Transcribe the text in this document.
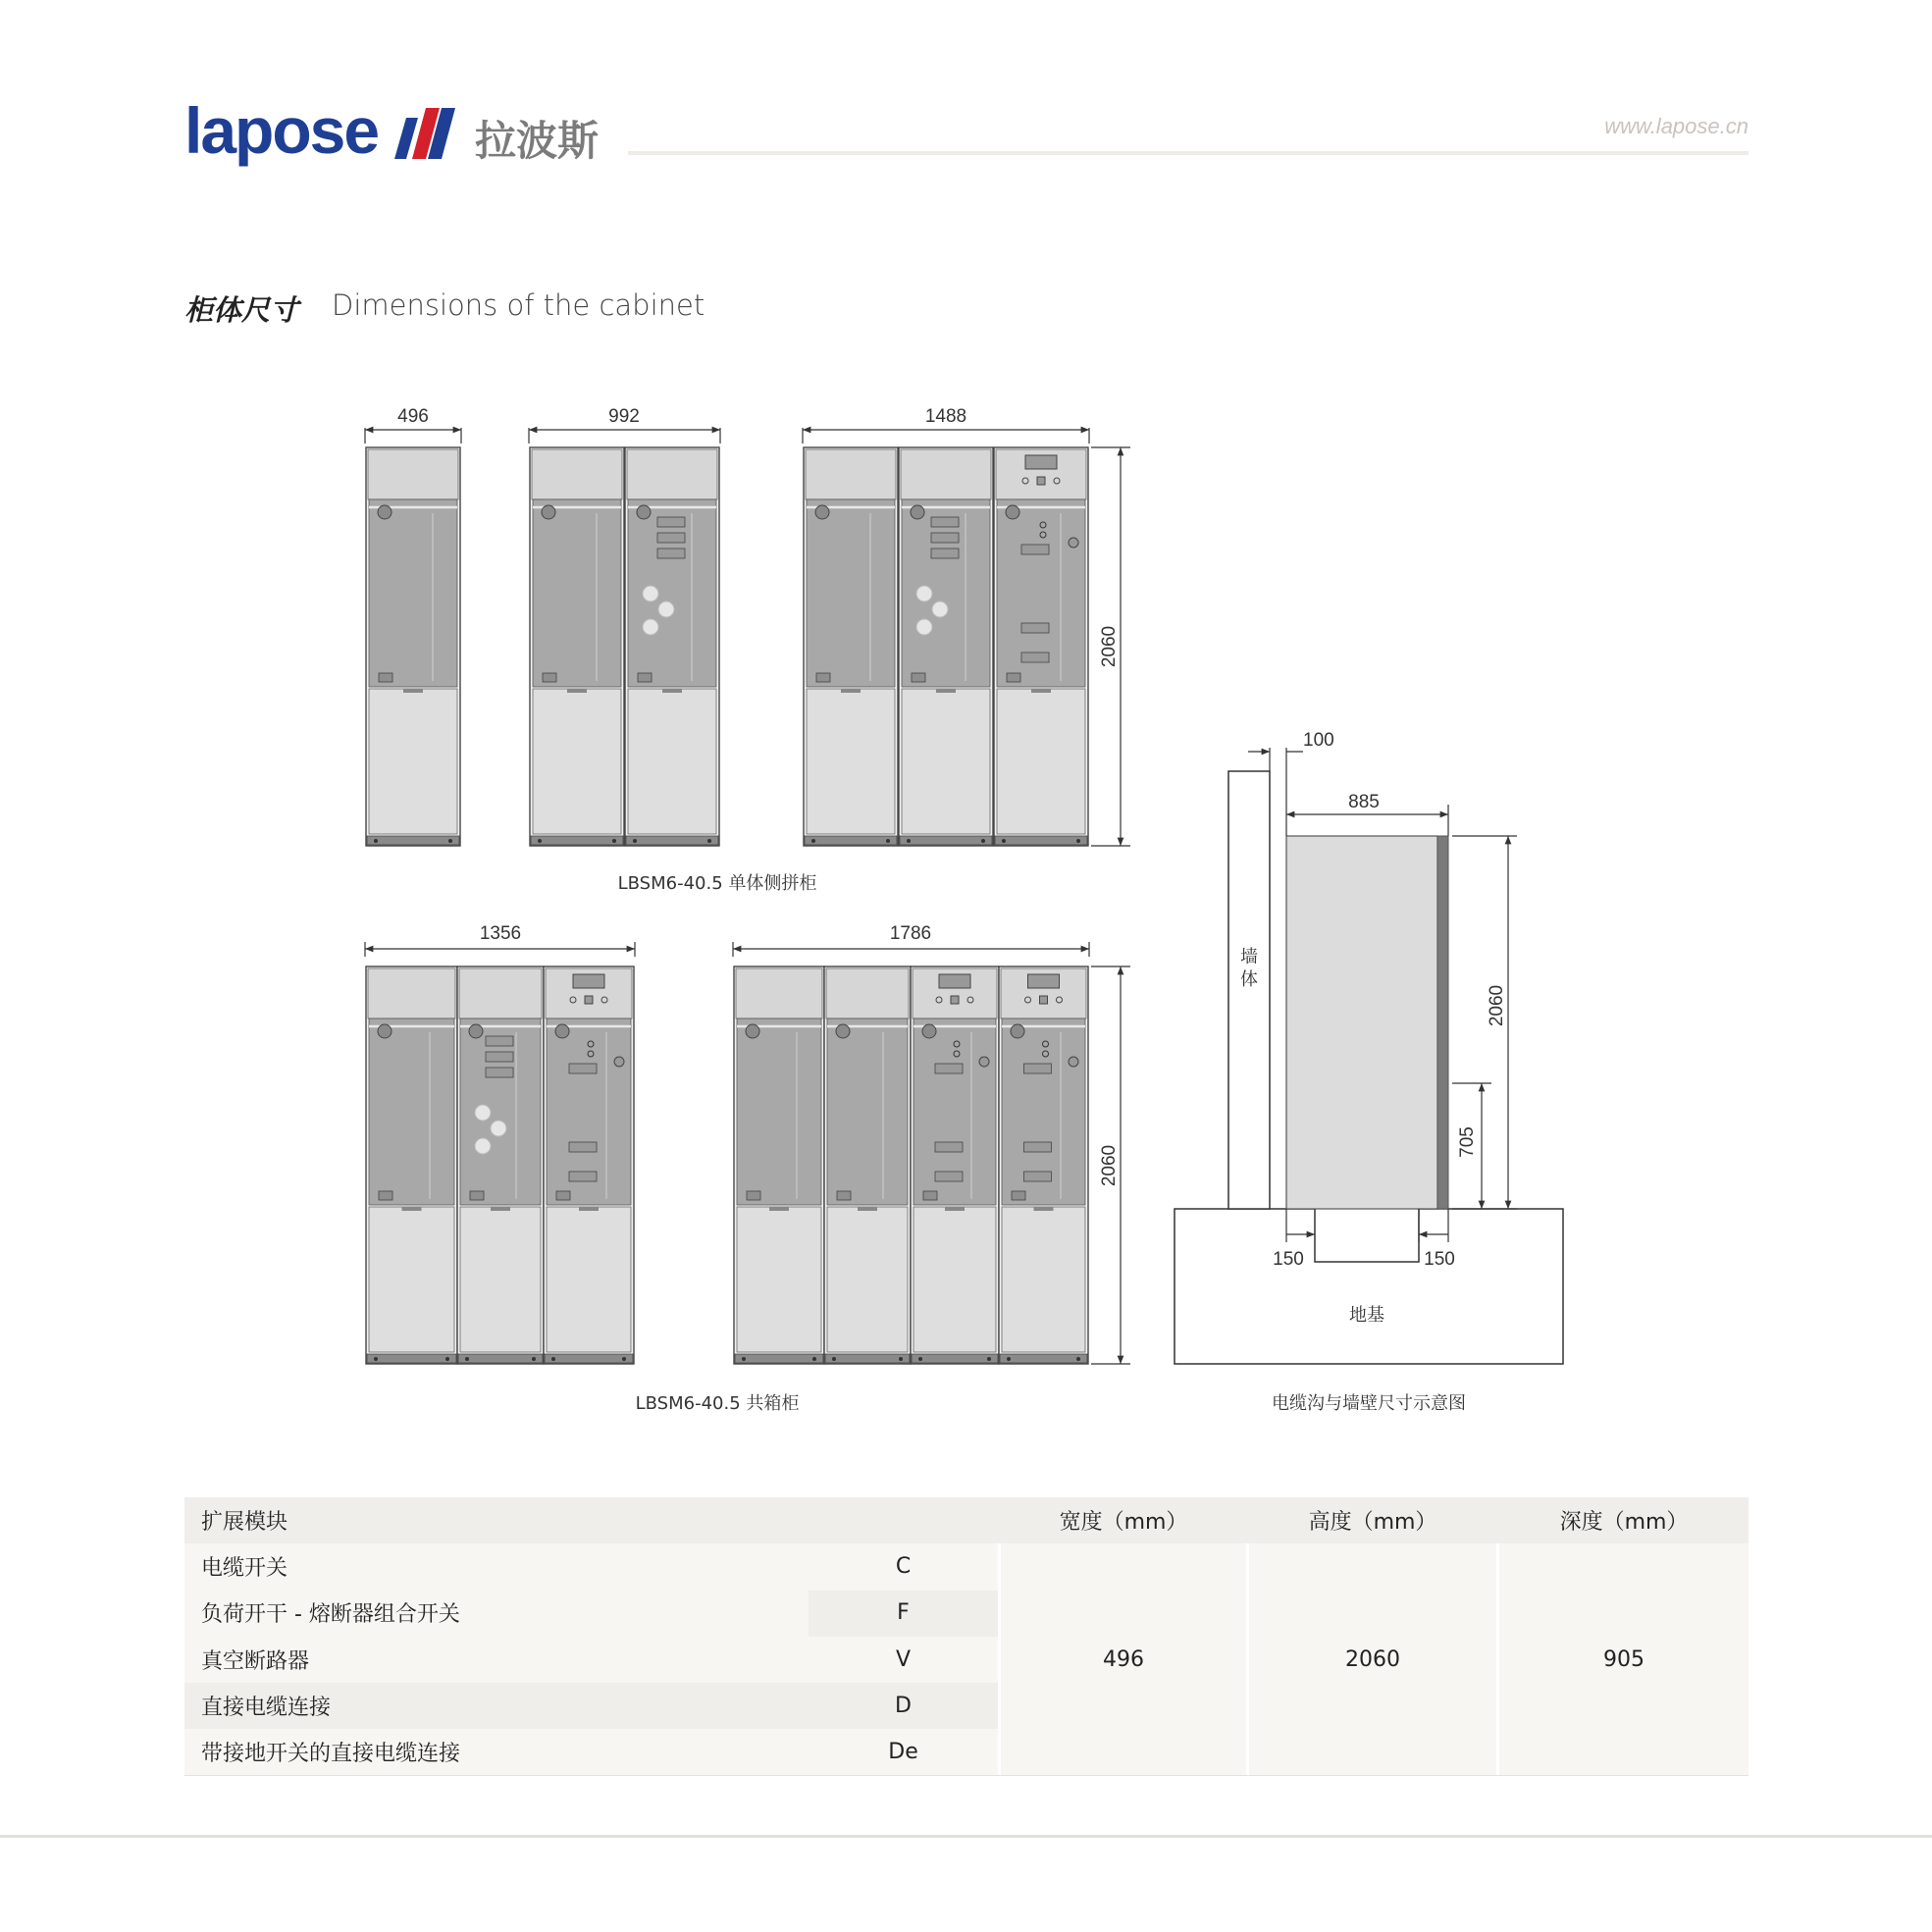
lapose 拉波斯	www.lapose.cn
柜体尺寸 Dimensions of the cabinet
496	992	1488
2060
LBSM6-40.5 单体侧拼柜
1356	1786
2060
LBSM6-40.5 共箱柜
100
885
2060
705
150	150
墙
体
地基
电缆沟与墙壁尺寸示意图
扩展模块	宽度（mm）	高度（mm）	深度（mm）
电缆开关	C
负荷开干 - 熔断器组合开关	F
真空断路器	V
直接电缆连接	D
带接地开关的直接电缆连接	De
496	2060	905
